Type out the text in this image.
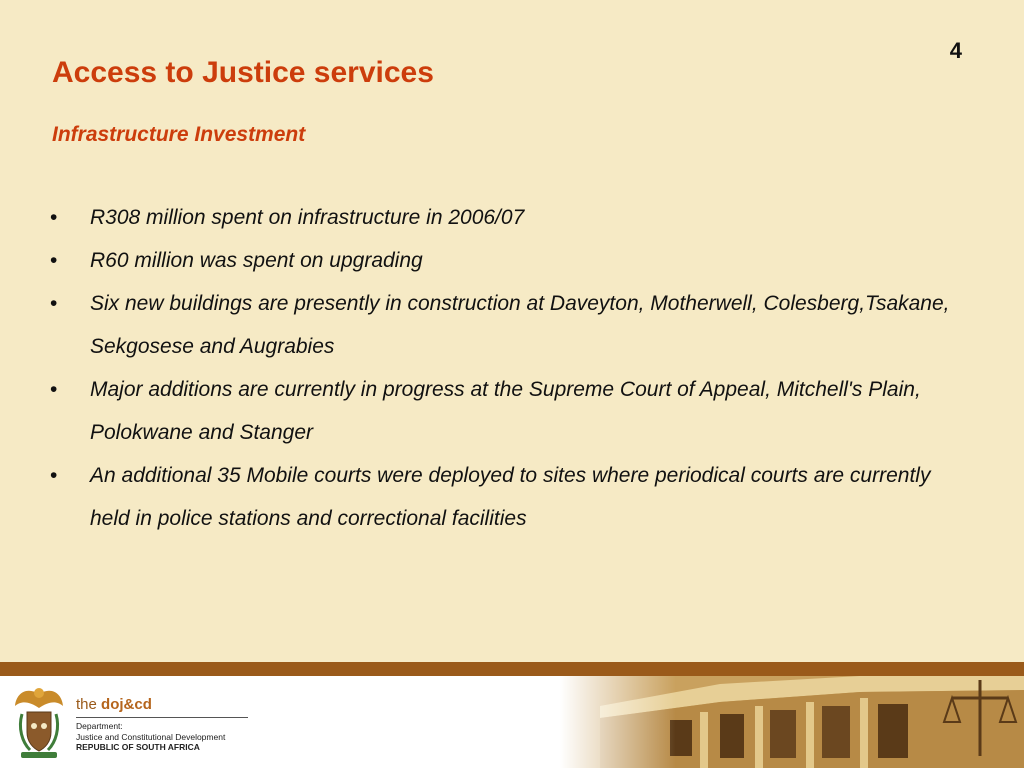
4
Access to Justice services
Infrastructure Investment
• R308 million spent on infrastructure in 2006/07
• R60 million was spent on upgrading
• Six new buildings are presently in construction at Daveyton, Motherwell, Colesberg,Tsakane, Sekgosese and Augrabies
• Major additions are currently in progress at the Supreme Court of Appeal, Mitchell's Plain, Polokwane and Stanger
• An additional 35 Mobile courts were deployed to sites where periodical courts are currently held in police stations and correctional facilities
the doj&cd
Department:
Justice and Constitutional Development
REPUBLIC OF SOUTH AFRICA
